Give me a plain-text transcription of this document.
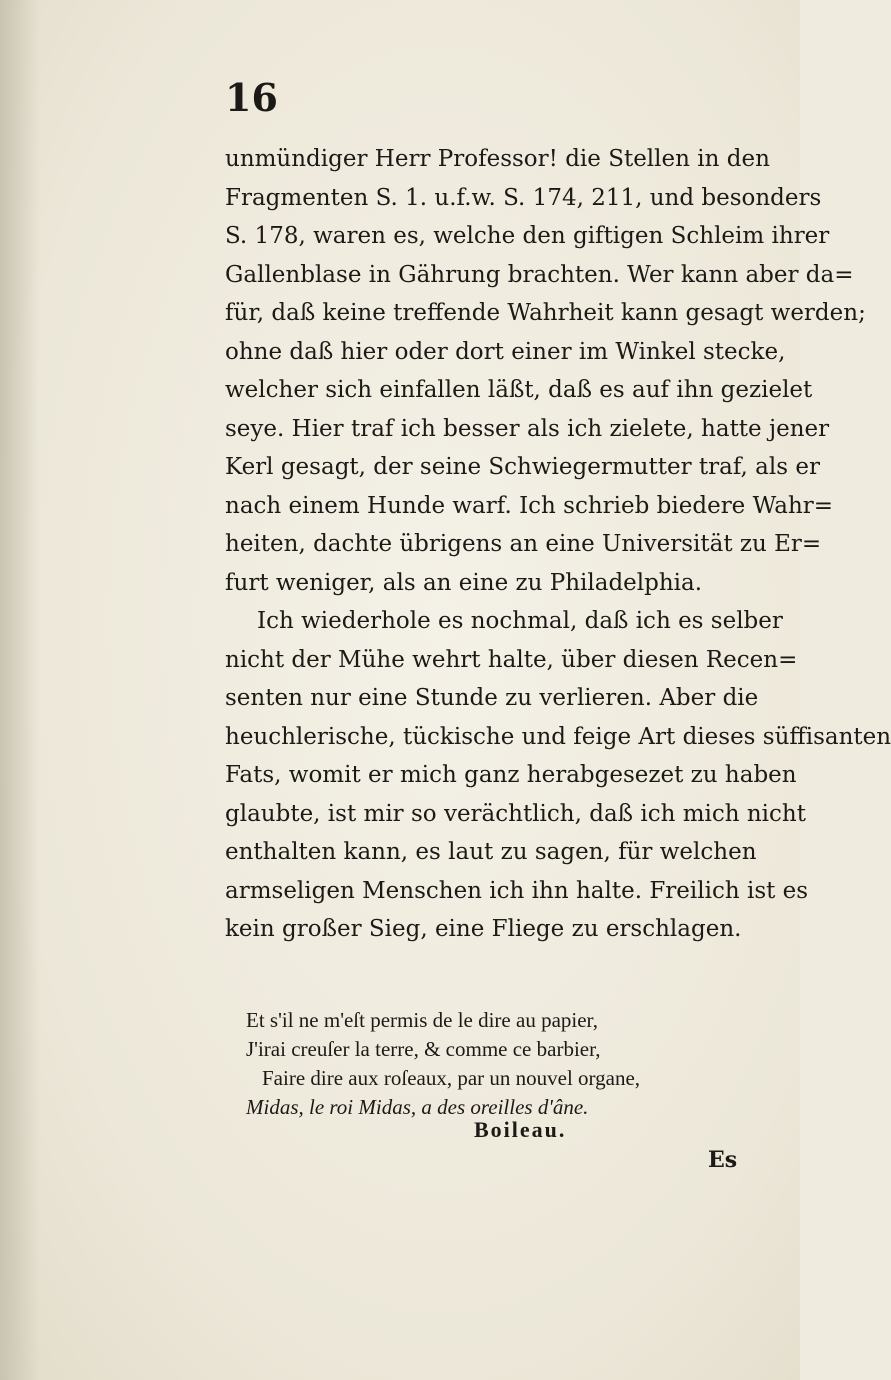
16
unmündiger Herr Professor! die Stellen in den
Fragmenten S. 1. u.f.w. S. 174, 211, und besonders
S. 178, waren es, welche den giftigen Schleim ihrer
Gallenblase in Gährung brachten. Wer kann aber da=
für, daß keine treffende Wahrheit kann gesagt werden;
ohne daß hier oder dort einer im Winkel stecke,
welcher sich einfallen läßt, daß es auf ihn gezielet
seye. Hier traf ich besser als ich zielete, hatte jener
Kerl gesagt, der seine Schwiegermutter traf, als er
nach einem Hunde warf. Ich schrieb biedere Wahr=
heiten, dachte übrigens an eine Universität zu Er=
furt weniger, als an eine zu Philadelphia.
Ich wiederhole es nochmal, daß ich es selber
nicht der Mühe wehrt halte, über diesen Recen=
senten nur eine Stunde zu verlieren. Aber die
heuchlerische, tückische und feige Art dieses süffisanten
Fats, womit er mich ganz herabgesezet zu haben
glaubte, ist mir so verächtlich, daß ich mich nicht
enthalten kann, es laut zu sagen, für welchen
armseligen Menschen ich ihn halte. Freilich ist es
kein großer Sieg, eine Fliege zu erschlagen.
Et s'il ne m'eſt permis de le dire au papier,
J'irai creuſer la terre, & comme ce barbier,
Faire dire aux roſeaux, par un nouvel organe,
Midas, le roi Midas, a des oreilles d'âne.
Boileau.
Es
